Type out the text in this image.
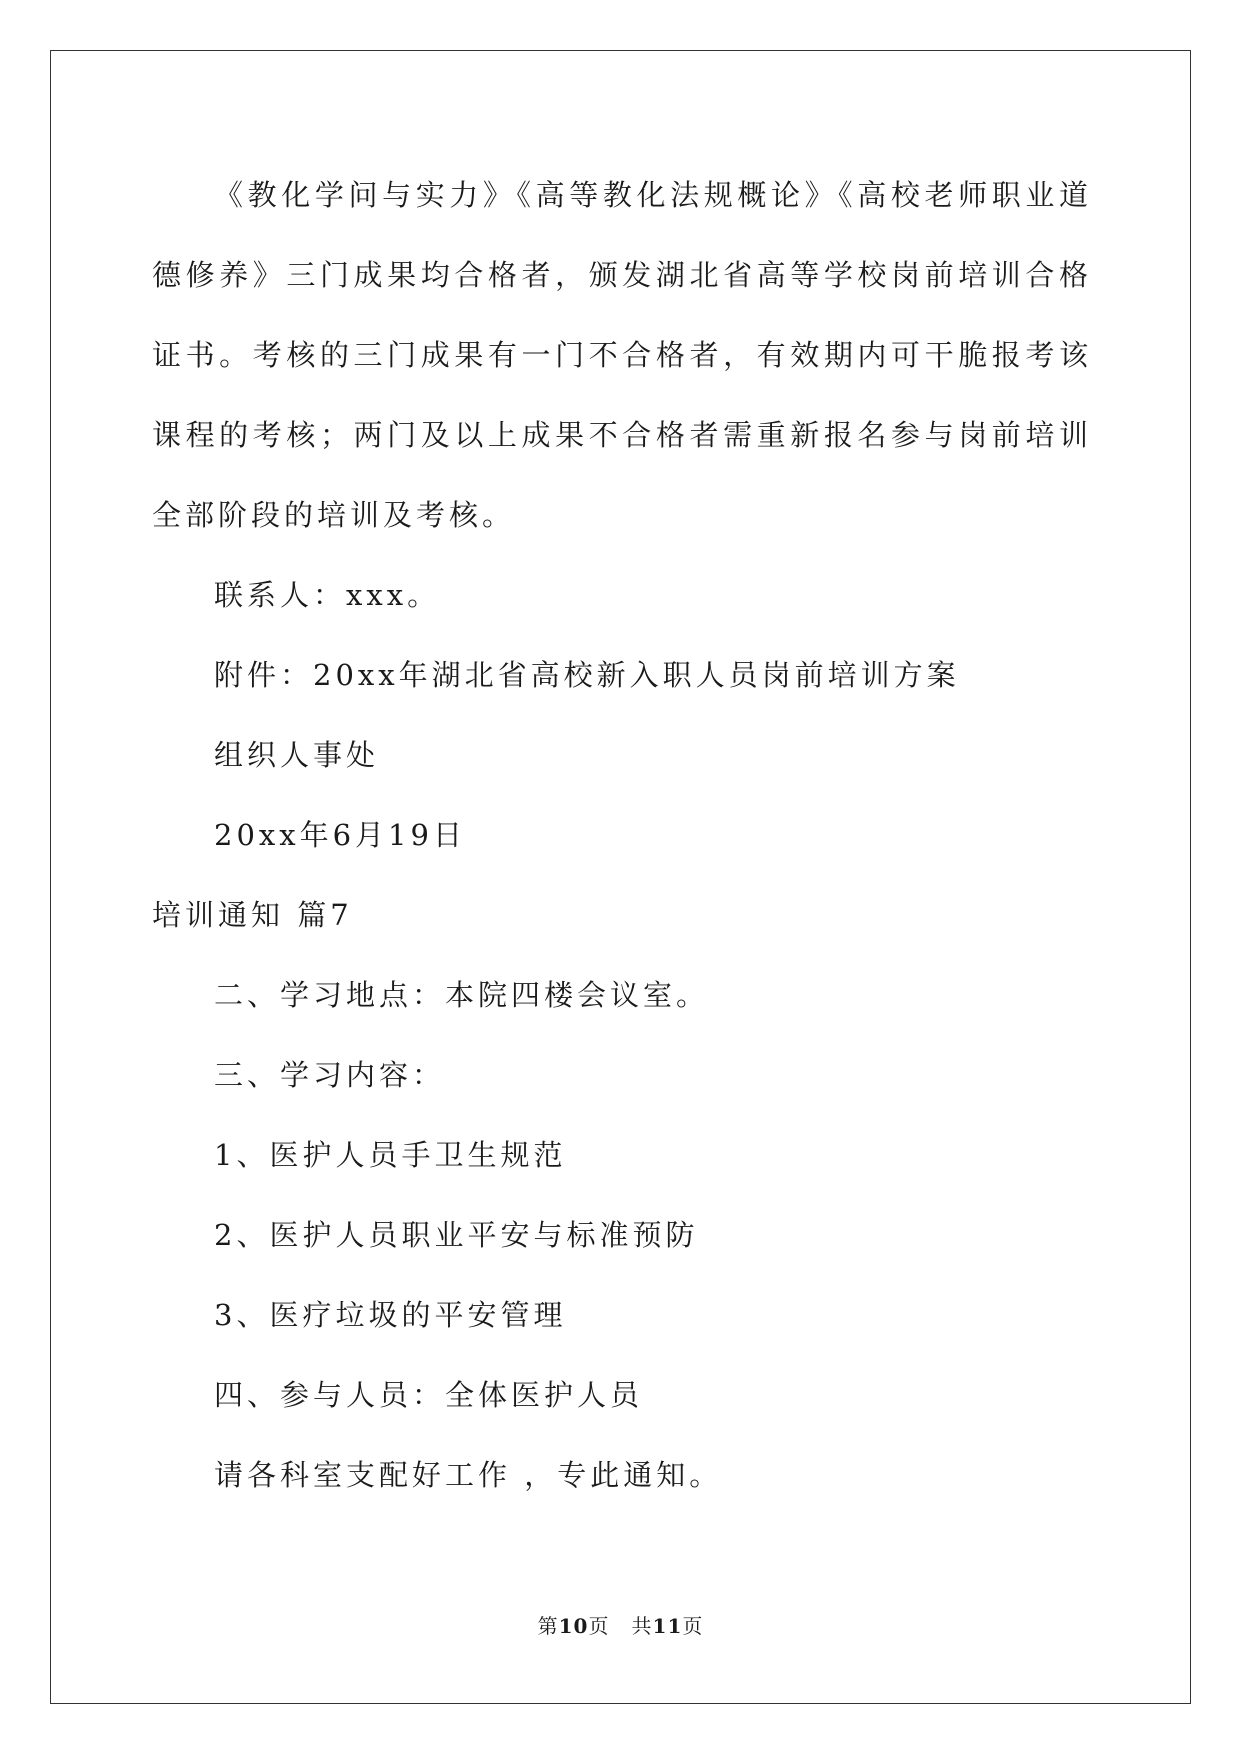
《教化学问与实力》《高等教化法规概论》《高校老师职业道德修养》三门成果均合格者，颁发湖北省高等学校岗前培训合格证书。考核的三门成果有一门不合格者，有效期内可干脆报考该课程的考核；两门及以上成果不合格者需重新报名参与岗前培训全部阶段的培训及考核。

联系人：xxx。

附件：20xx年湖北省高校新入职人员岗前培训方案

组织人事处

20xx年6月19日

培训通知 篇7

二、学习地点：本院四楼会议室。

三、学习内容：

1、医护人员手卫生规范

2、医护人员职业平安与标准预防

3、医疗垃圾的平安管理

四、参与人员：全体医护人员

请各科室支配好工作 ，专此通知。

第10页   共11页
